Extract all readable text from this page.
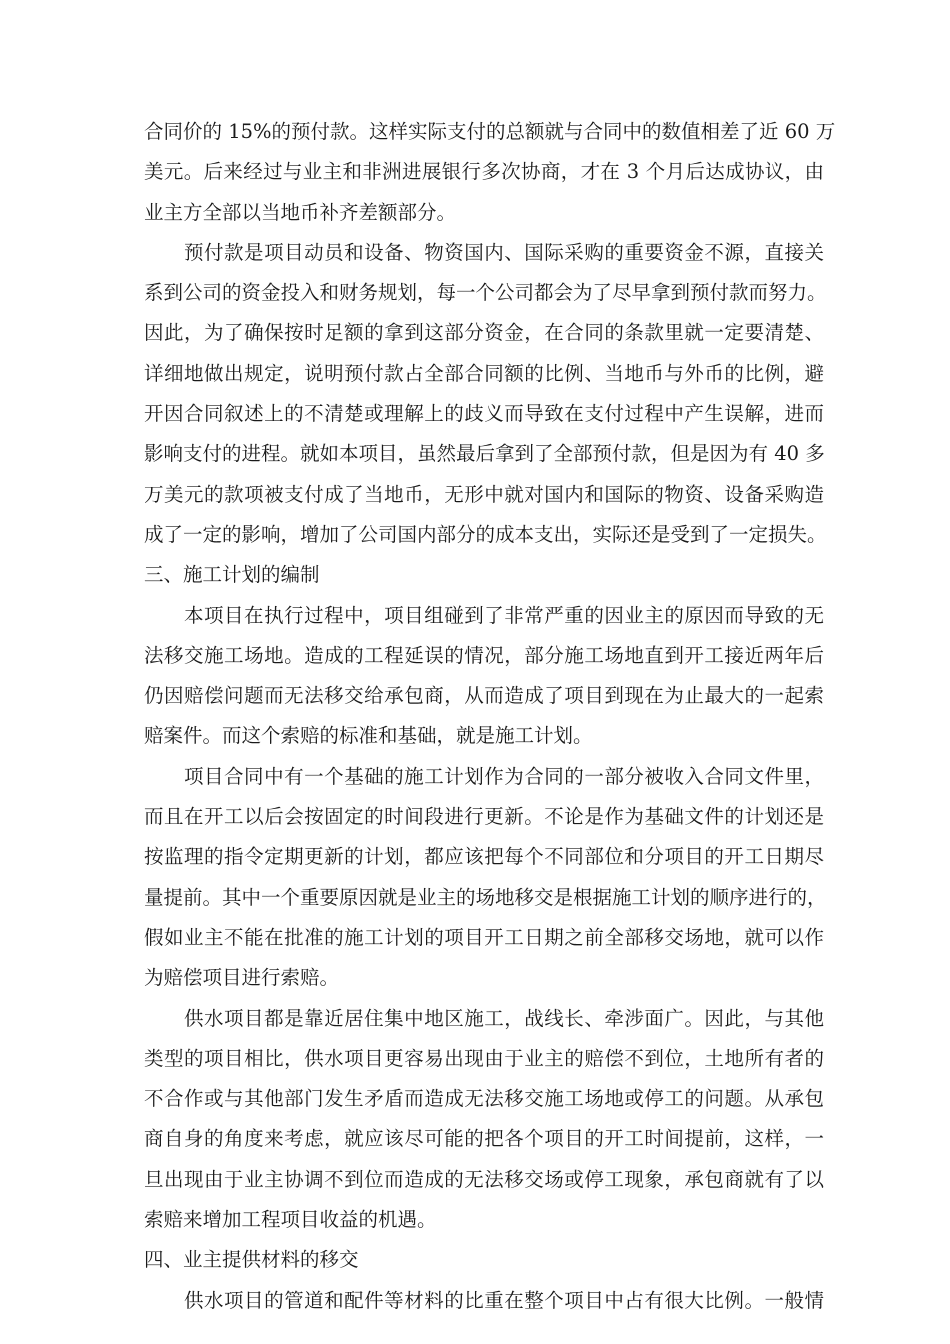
合同价的 15%的预付款。这样实际支付的总额就与合同中的数值相差了近 60 万
美元。后来经过与业主和非洲进展银行多次协商，才在 3 个月后达成协议，由
业主方全部以当地币补齐差额部分。
预付款是项目动员和设备、物资国内、国际采购的重要资金不源，直接关
系到公司的资金投入和财务规划，每一个公司都会为了尽早拿到预付款而努力。
因此，为了确保按时足额的拿到这部分资金，在合同的条款里就一定要清楚、
详细地做出规定，说明预付款占全部合同额的比例、当地币与外币的比例，避
开因合同叙述上的不清楚或理解上的歧义而导致在支付过程中产生误解，进而
影响支付的进程。就如本项目，虽然最后拿到了全部预付款，但是因为有 40 多
万美元的款项被支付成了当地币，无形中就对国内和国际的物资、设备采购造
成了一定的影响，增加了公司国内部分的成本支出，实际还是受到了一定损失。
三、施工计划的编制
本项目在执行过程中，项目组碰到了非常严重的因业主的原因而导致的无
法移交施工场地。造成的工程延误的情况，部分施工场地直到开工接近两年后
仍因赔偿问题而无法移交给承包商，从而造成了项目到现在为止最大的一起索
赔案件。而这个索赔的标准和基础，就是施工计划。
项目合同中有一个基础的施工计划作为合同的一部分被收入合同文件里，
而且在开工以后会按固定的时间段进行更新。不论是作为基础文件的计划还是
按监理的指令定期更新的计划，都应该把每个不同部位和分项目的开工日期尽
量提前。其中一个重要原因就是业主的场地移交是根据施工计划的顺序进行的，
假如业主不能在批准的施工计划的项目开工日期之前全部移交场地，就可以作
为赔偿项目进行索赔。
供水项目都是靠近居住集中地区施工，战线长、牵涉面广。因此，与其他
类型的项目相比，供水项目更容易出现由于业主的赔偿不到位，土地所有者的
不合作或与其他部门发生矛盾而造成无法移交施工场地或停工的问题。从承包
商自身的角度来考虑，就应该尽可能的把各个项目的开工时间提前，这样，一
旦出现由于业主协调不到位而造成的无法移交场或停工现象，承包商就有了以
索赔来增加工程项目收益的机遇。
四、业主提供材料的移交
供水项目的管道和配件等材料的比重在整个项目中占有很大比例。一般情
